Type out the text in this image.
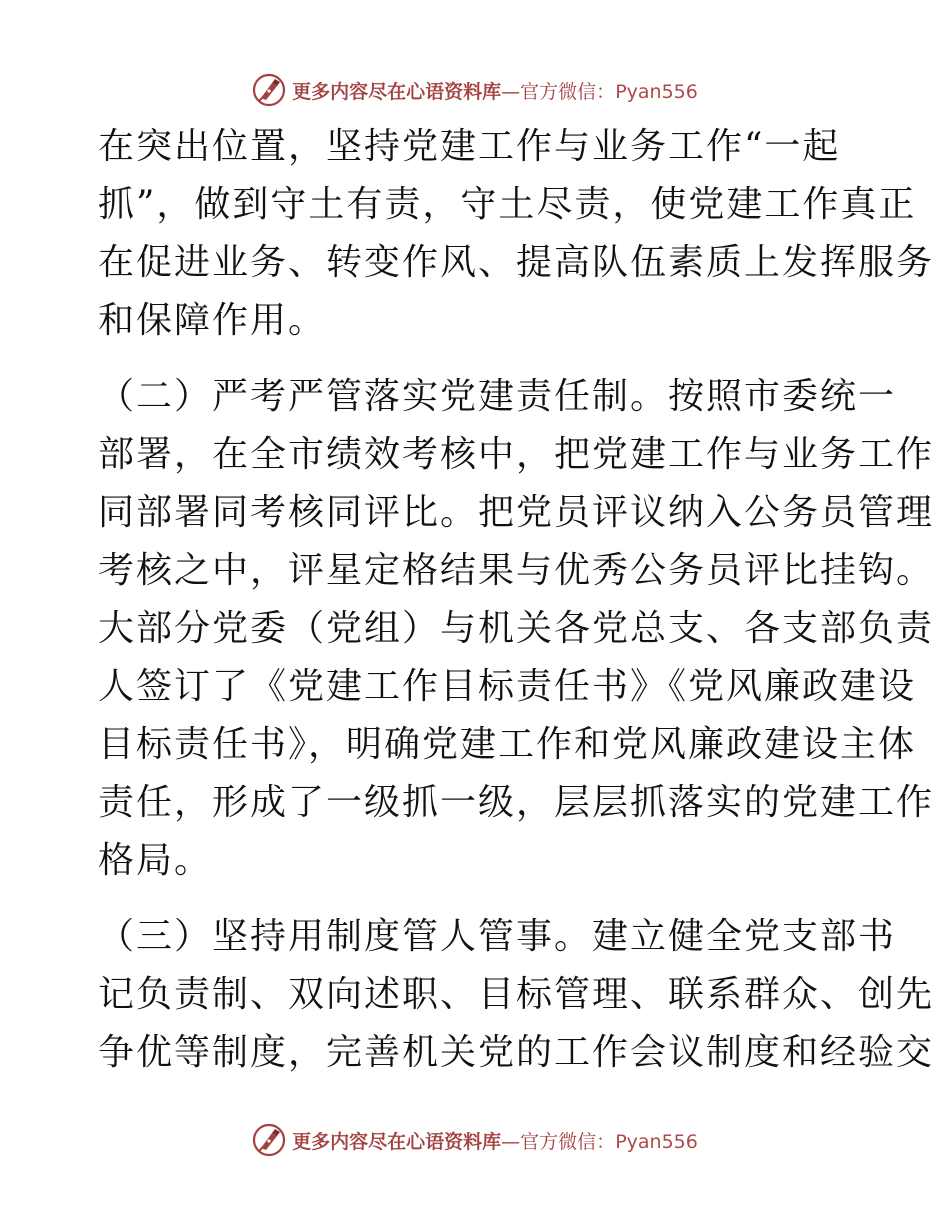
更多内容尽在心语资料库—官方微信：Pyan556
在突出位置，坚持党建工作与业务工作“一起
抓”，做到守土有责，守土尽责，使党建工作真正
在促进业务、转变作风、提高队伍素质上发挥服务
和保障作用。
（二）严考严管落实党建责任制。按照市委统一
部署，在全市绩效考核中，把党建工作与业务工作
同部署同考核同评比。把党员评议纳入公务员管理
考核之中，评星定格结果与优秀公务员评比挂钩。
大部分党委（党组）与机关各党总支、各支部负责
人签订了《党建工作目标责任书》《党风廉政建设
目标责任书》，明确党建工作和党风廉政建设主体
责任，形成了一级抓一级，层层抓落实的党建工作
格局。
（三）坚持用制度管人管事。建立健全党支部书
记负责制、双向述职、目标管理、联系群众、创先
争优等制度，完善机关党的工作会议制度和经验交
更多内容尽在心语资料库—官方微信：Pyan556
